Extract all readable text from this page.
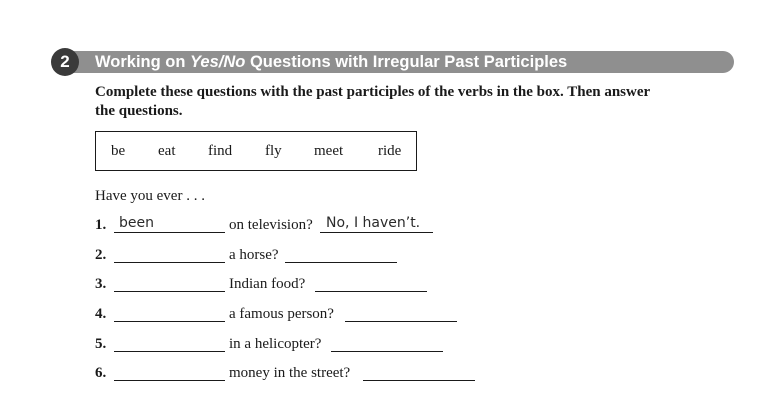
2	Working on Yes/No Questions with Irregular Past Participles
Complete these questions with the past participles of the verbs in the box. Then answer the questions.
be eat find fly meet ride
Have you ever . . .
1. been	on television? No, I haven’t.
2.	a horse?
3.	Indian food?
4.	a famous person?
5.	in a helicopter?
6.	money in the street?
